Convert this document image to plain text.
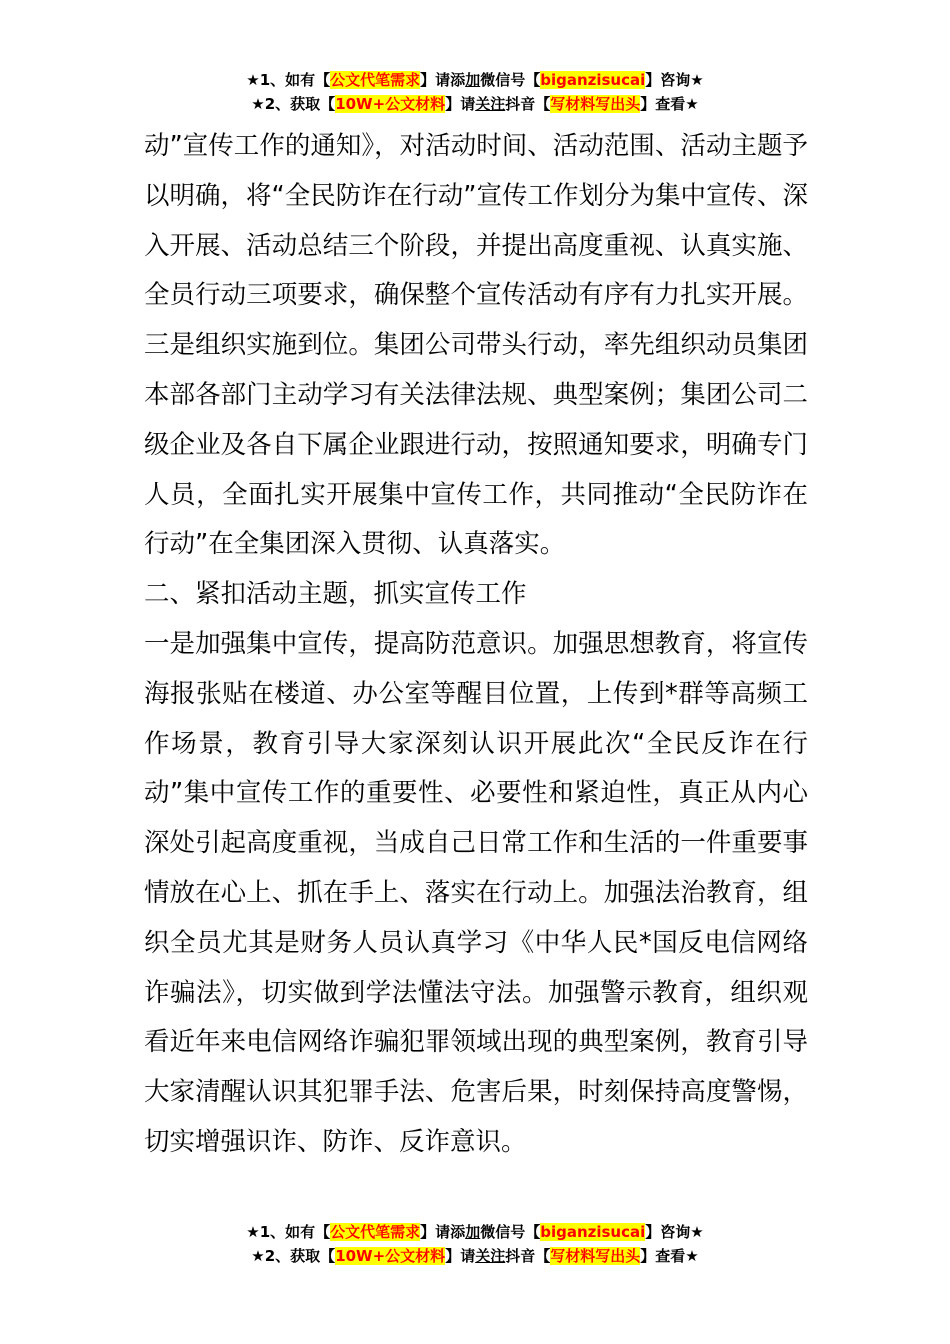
★1、如有【公文代笔需求】请添加微信号【biganzisucai】咨询★
★2、获取【10W+公文材料】请关注抖音【写材料写出头】查看★

动”宣传工作的通知》，对活动时间、活动范围、活动主题予以明确，将“全民防诈在行动”宣传工作划分为集中宣传、深入开展、活动总结三个阶段，并提出高度重视、认真实施、全员行动三项要求，确保整个宣传活动有序有力扎实开展。三是组织实施到位。集团公司带头行动，率先组织动员集团本部各部门主动学习有关法律法规、典型案例；集团公司二级企业及各自下属企业跟进行动，按照通知要求，明确专门人员，全面扎实开展集中宣传工作，共同推动“全民防诈在行动”在全集团深入贯彻、认真落实。

二、紧扣活动主题，抓实宣传工作

一是加强集中宣传，提高防范意识。加强思想教育，将宣传海报张贴在楼道、办公室等醒目位置，上传到*群等高频工作场景，教育引导大家深刻认识开展此次“全民反诈在行动”集中宣传工作的重要性、必要性和紧迫性，真正从内心深处引起高度重视，当成自己日常工作和生活的一件重要事情放在心上、抓在手上、落实在行动上。加强法治教育，组织全员尤其是财务人员认真学习《中华人民*国反电信网络诈骗法》，切实做到学法懂法守法。加强警示教育，组织观看近年来电信网络诈骗犯罪领域出现的典型案例，教育引导大家清醒认识其犯罪手法、危害后果，时刻保持高度警惕，切实增强识诈、防诈、反诈意识。

★1、如有【公文代笔需求】请添加微信号【biganzisucai】咨询★
★2、获取【10W+公文材料】请关注抖音【写材料写出头】查看★
